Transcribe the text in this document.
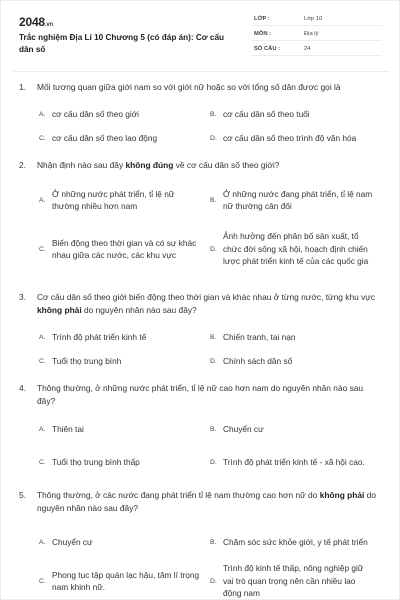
2048.vn
Trắc nghiệm Địa Lí 10 Chương 5 (có đáp án): Cơ cấu dân số
LỚP :	Lớp 10
MÔN :	Địa lý
SỐ CÂU :	24
1. Mối tương quan giữa giới nam so với giới nữ hoặc so với tổng số dân được gọi là
A. cơ cấu dân số theo giới	B. cơ cấu dân số theo tuổi
C. cơ cấu dân số theo lao động	D. cơ cấu dân số theo trình độ văn hóa
2. Nhận định nào sau đây không đúng về cơ cấu dân số theo giới?
A.
Ở những nước phát triển, tỉ lệ nữ thường nhiều hơn nam
B.
Ở những nước đang phát triển, tỉ lệ nam nữ thường cân đối
C.
Biến động theo thời gian và có sự khác nhau giữa các nước, các khu vực
D.
Ảnh hưởng đến phân bố sản xuất, tổ chức đời sống xã hội, hoạch định chiến lược phát triển kinh tế của các quốc gia
3. Cơ cấu dân số theo giới biến động theo thời gian và khác nhau ở từng nước, từng khu vực không phải do nguyên nhân nào sau đây?
A. Trình độ phát triển kinh tế	B. Chiến tranh, tai nạn
C. Tuổi thọ trung bình	D. Chính sách dân số
4. Thông thường, ở những nước phát triển, tỉ lệ nữ cao hơn nam do nguyên nhân nào sau đây?
A. Thiên tai	B. Chuyển cư
C. Tuổi thọ trung bình thấp	D. Trình độ phát triển kinh tế - xã hội cao.
5. Thông thường, ở các nước đang phát triển tỉ lệ nam thường cao hơn nữ do không phải do nguyên nhân nào sau đây?
A. Chuyển cư	B. Chăm sóc sức khỏe giới, y tế phát triển
C.
Phong tục tập quán lạc hậu, tâm lí trọng nam khinh nữ.
D.
Trình độ kinh tế thấp, nông nghiệp giữ vai trò quan trọng nên cần nhiều lao động nam
